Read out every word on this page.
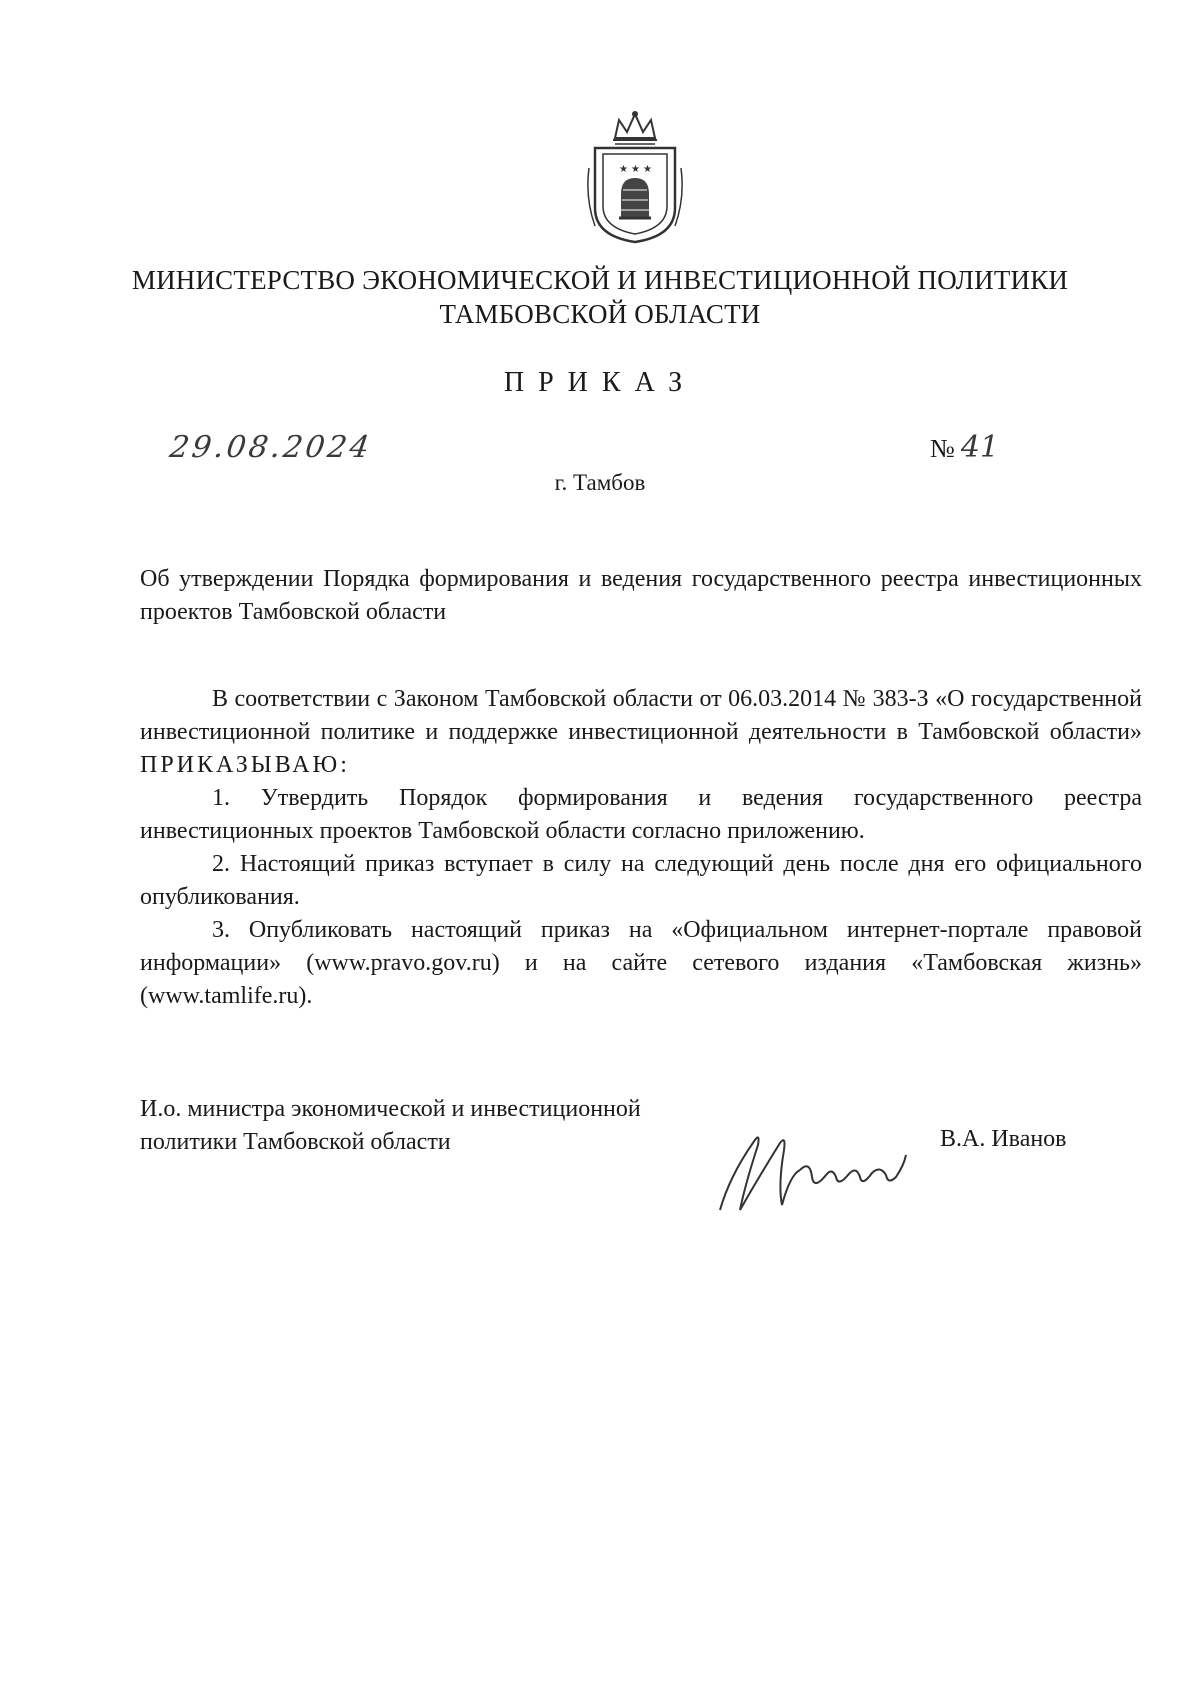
★ ★ ★
МИНИСТЕРСТВО ЭКОНОМИЧЕСКОЙ И ИНВЕСТИЦИОННОЙ ПОЛИТИКИ
ТАМБОВСКОЙ ОБЛАСТИ
ПРИКАЗ
29.08.2024	№ 41
г. Тамбов
Об утверждении Порядка формирования и ведения государственного реестра инвестиционных проектов Тамбовской области

В соответствии с Законом Тамбовской области от 06.03.2014 № 383-З «О государственной инвестиционной политике и поддержке инвестиционной деятельности в Тамбовской области» ПРИКАЗЫВАЮ:

1. Утвердить Порядок формирования и ведения государственного реестра инвестиционных проектов Тамбовской области согласно приложению.

2. Настоящий приказ вступает в силу на следующий день после дня его официального опубликования.

3. Опубликовать настоящий приказ на «Официальном интернет-портале правовой информации» (www.pravo.gov.ru) и на сайте сетевого издания «Тамбовская жизнь» (www.tamlife.ru).

И.о. министра экономической и инвестиционной
политики Тамбовской области	В.А. Иванов
